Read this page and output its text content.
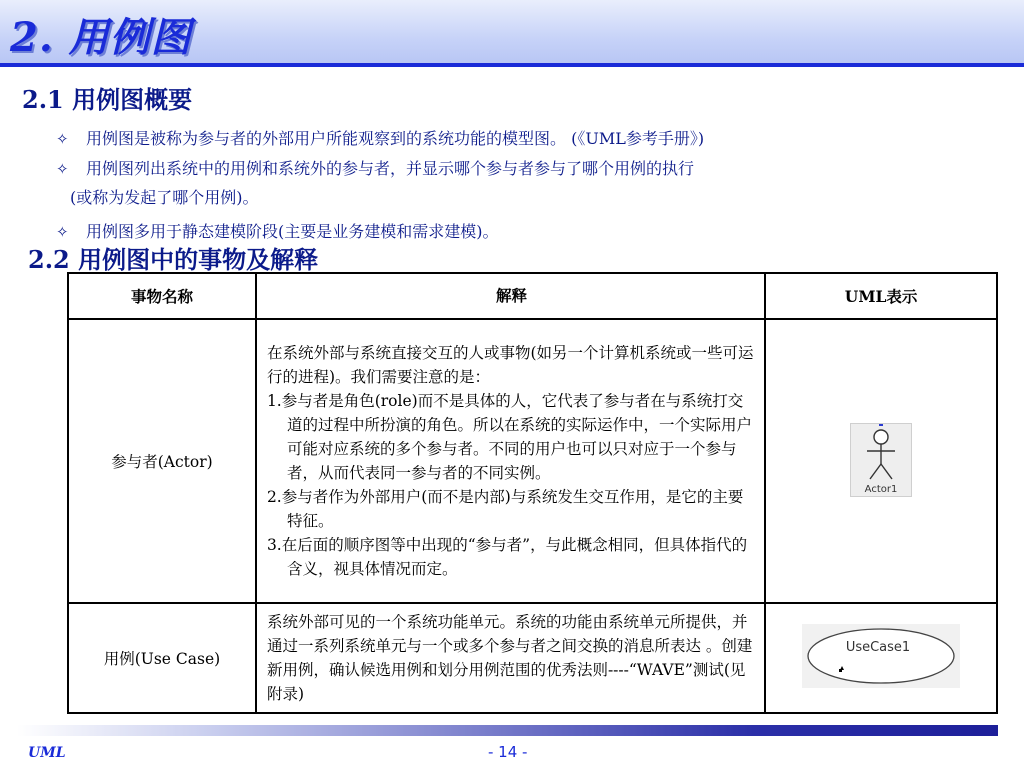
2. 用例图
2.1 用例图概要
✧ 用例图是被称为参与者的外部用户所能观察到的系统功能的模型图。 (《UML参考手册》)
✧ 用例图列出系统中的用例和系统外的参与者，并显示哪个参与者参与了哪个用例的执行
(或称为发起了哪个用例)。
✧ 用例图多用于静态建模阶段(主要是业务建模和需求建模)。
2.2 用例图中的事物及解释
事物名称	解释	UML表示
参与者(Actor)	在系统外部与系统直接交互的人或事物(如另一个计算机系统或一些可运行的进程)。我们需要注意的是：
1.参与者是角色(role)而不是具体的人，它代表了参与者在与系统打交道的过程中所扮演的角色。所以在系统的实际运作中，一个实际用户可能对应系统的多个参与者。不同的用户也可以只对应于一个参与者，从而代表同一参与者的不同实例。
2.参与者作为外部用户(而不是内部)与系统发生交互作用，是它的主要特征。
3.在后面的顺序图等中出现的“参与者”，与此概念相同，但具体指代的含义，视具体情况而定。	Actor1

用例(Use Case)	系统外部可见的一个系统功能单元。系统的功能由系统单元所提供，并通过一系列系统单元与一个或多个参与者之间交换的消息所表达 。创建新用例，确认候选用例和划分用例范围的优秀法则----“WAVE”测试(见附录)	UseCase1
UML	- 14 -
